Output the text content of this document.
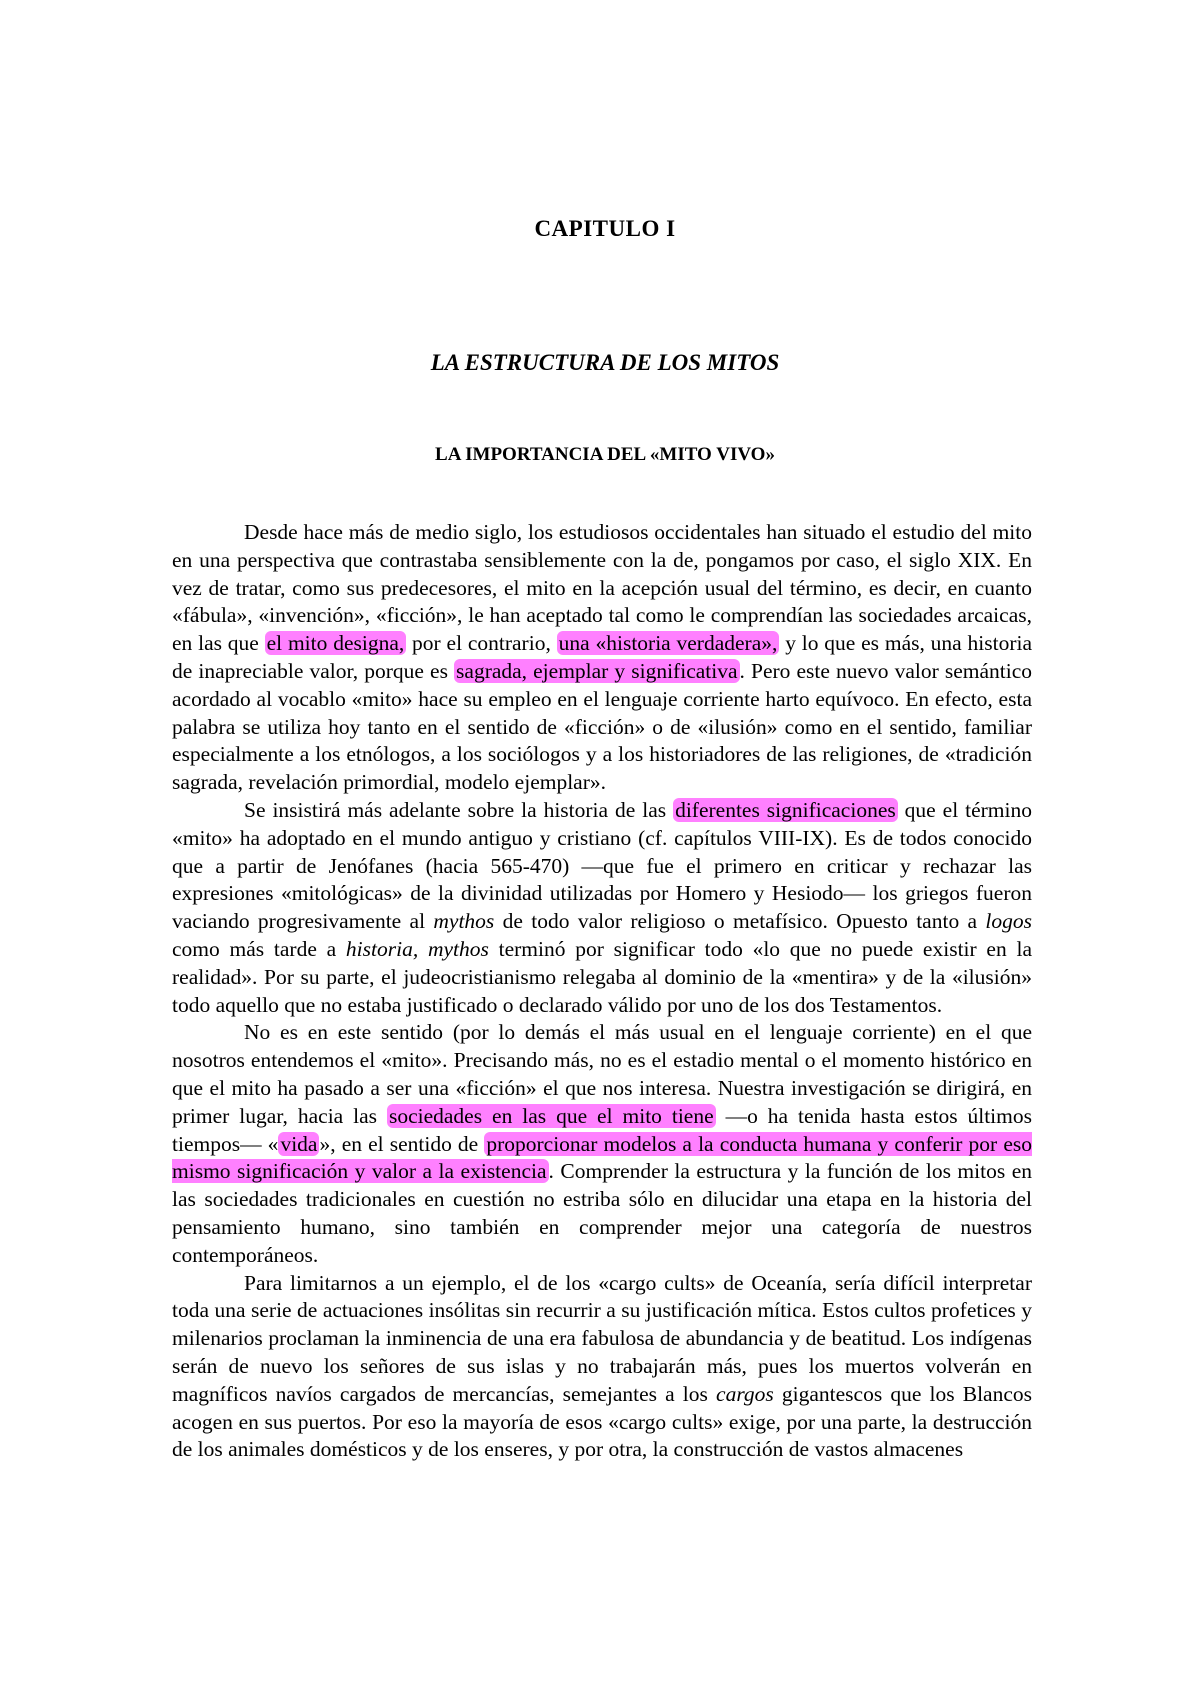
CAPITULO I
LA ESTRUCTURA DE LOS MITOS
LA IMPORTANCIA DEL «MITO VIVO»

Desde hace más de medio siglo, los estudiosos occidentales han situado el estudio del mito en una perspectiva que contrastaba sensiblemente con la de, pongamos por caso, el siglo XIX. En vez de tratar, como sus predecesores, el mito en la acepción usual del término, es decir, en cuanto «fábula», «invención», «ficción», le han aceptado tal como le comprendían las sociedades arcaicas, en las que el mito designa, por el contrario, una «historia verdadera», y lo que es más, una historia de inapreciable valor, porque es sagrada, ejemplar y significativa. Pero este nuevo valor semántico acordado al vocablo «mito» hace su empleo en el lenguaje corriente harto equívoco. En efecto, esta palabra se utiliza hoy tanto en el sentido de «ficción» o de «ilusión» como en el sentido, familiar especialmente a los etnólogos, a los sociólogos y a los historiadores de las religiones, de «tradición sagrada, revelación primordial, modelo ejemplar».

Se insistirá más adelante sobre la historia de las diferentes significaciones que el término «mito» ha adoptado en el mundo antiguo y cristiano (cf. capítulos VIII-IX). Es de todos conocido que a partir de Jenófanes (hacia 565-470) —que fue el primero en criticar y rechazar las expresiones «mitológicas» de la divinidad utilizadas por Homero y Hesiodo— los griegos fueron vaciando progresivamente al mythos de todo valor religioso o metafísico. Opuesto tanto a logos como más tarde a historia, mythos terminó por significar todo «lo que no puede existir en la realidad». Por su parte, el judeocristianismo relegaba al dominio de la «mentira» y de la «ilusión» todo aquello que no estaba justificado o declarado válido por uno de los dos Testamentos.

No es en este sentido (por lo demás el más usual en el lenguaje corriente) en el que nosotros entendemos el «mito». Precisando más, no es el estadio mental o el momento histórico en que el mito ha pasado a ser una «ficción» el que nos interesa. Nuestra investigación se dirigirá, en primer lugar, hacia las sociedades en las que el mito tiene —o ha tenida hasta estos últimos tiempos— «vida», en el sentido de proporcionar modelos a la conducta humana y conferir por eso mismo significación y valor a la existencia. Comprender la estructura y la función de los mitos en las sociedades tradicionales en cuestión no estriba sólo en dilucidar una etapa en la historia del pensamiento humano, sino también en comprender mejor una categoría de nuestros contemporáneos.

Para limitarnos a un ejemplo, el de los «cargo cults» de Oceanía, sería difícil interpretar toda una serie de actuaciones insólitas sin recurrir a su justificación mítica. Estos cultos profetices y milenarios proclaman la inminencia de una era fabulosa de abundancia y de beatitud. Los indígenas serán de nuevo los señores de sus islas y no trabajarán más, pues los muertos volverán en magníficos navíos cargados de mercancías, semejantes a los cargos gigantescos que los Blancos acogen en sus puertos. Por eso la mayoría de esos «cargo cults» exige, por una parte, la destrucción de los animales domésticos y de los enseres, y por otra, la construcción de vastos almacenes
